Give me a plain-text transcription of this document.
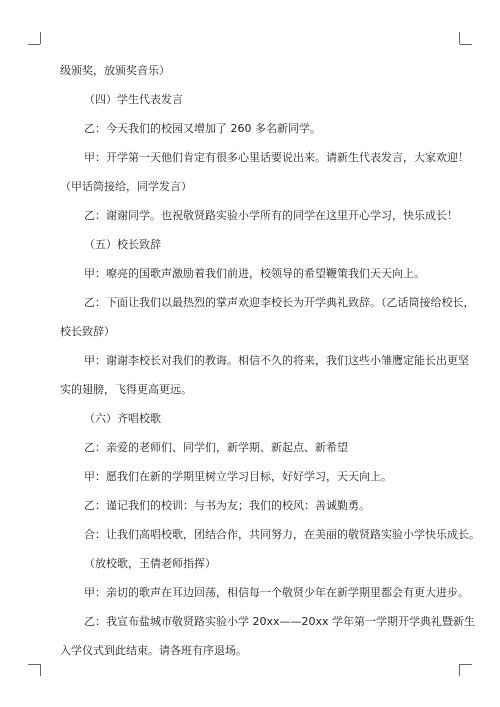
级颁奖，放颁奖音乐）
（四）学生代表发言
乙：今天我们的校园又增加了 260 多名新同学。
甲：开学第一天他们肯定有很多心里话要说出来。请新生代表发言，大家欢迎！
（甲话筒接给，同学发言）
乙：谢谢同学。也祝敬贤路实验小学所有的同学在这里开心学习，快乐成长！
（五）校长致辞
甲：嘹亮的国歌声激励着我们前进，校领导的希望鞭策我们天天向上。
乙：下面让我们以最热烈的掌声欢迎李校长为开学典礼致辞。（乙话筒接给校长，
校长致辞）
甲：谢谢李校长对我们的教诲。相信不久的将来，我们这些小雏鹰定能长出更坚
实的翅膀，飞得更高更远。
（六）齐唱校歌
乙：亲爱的老师们、同学们，新学期、新起点、新希望
甲：愿我们在新的学期里树立学习目标，好好学习，天天向上。
乙：谨记我们的校训：与书为友；我们的校风：善诚勤勇。
合：让我们高唱校歌，团结合作，共同努力，在美丽的敬贤路实验小学快乐成长。
（放校歌，王倩老师指挥）
甲：亲切的歌声在耳边回荡，相信每一个敬贤少年在新学期里都会有更大进步。
乙：我宣布盐城市敬贤路实验小学 20xx——20xx 学年第一学期开学典礼暨新生
入学仪式到此结束。请各班有序退场。
